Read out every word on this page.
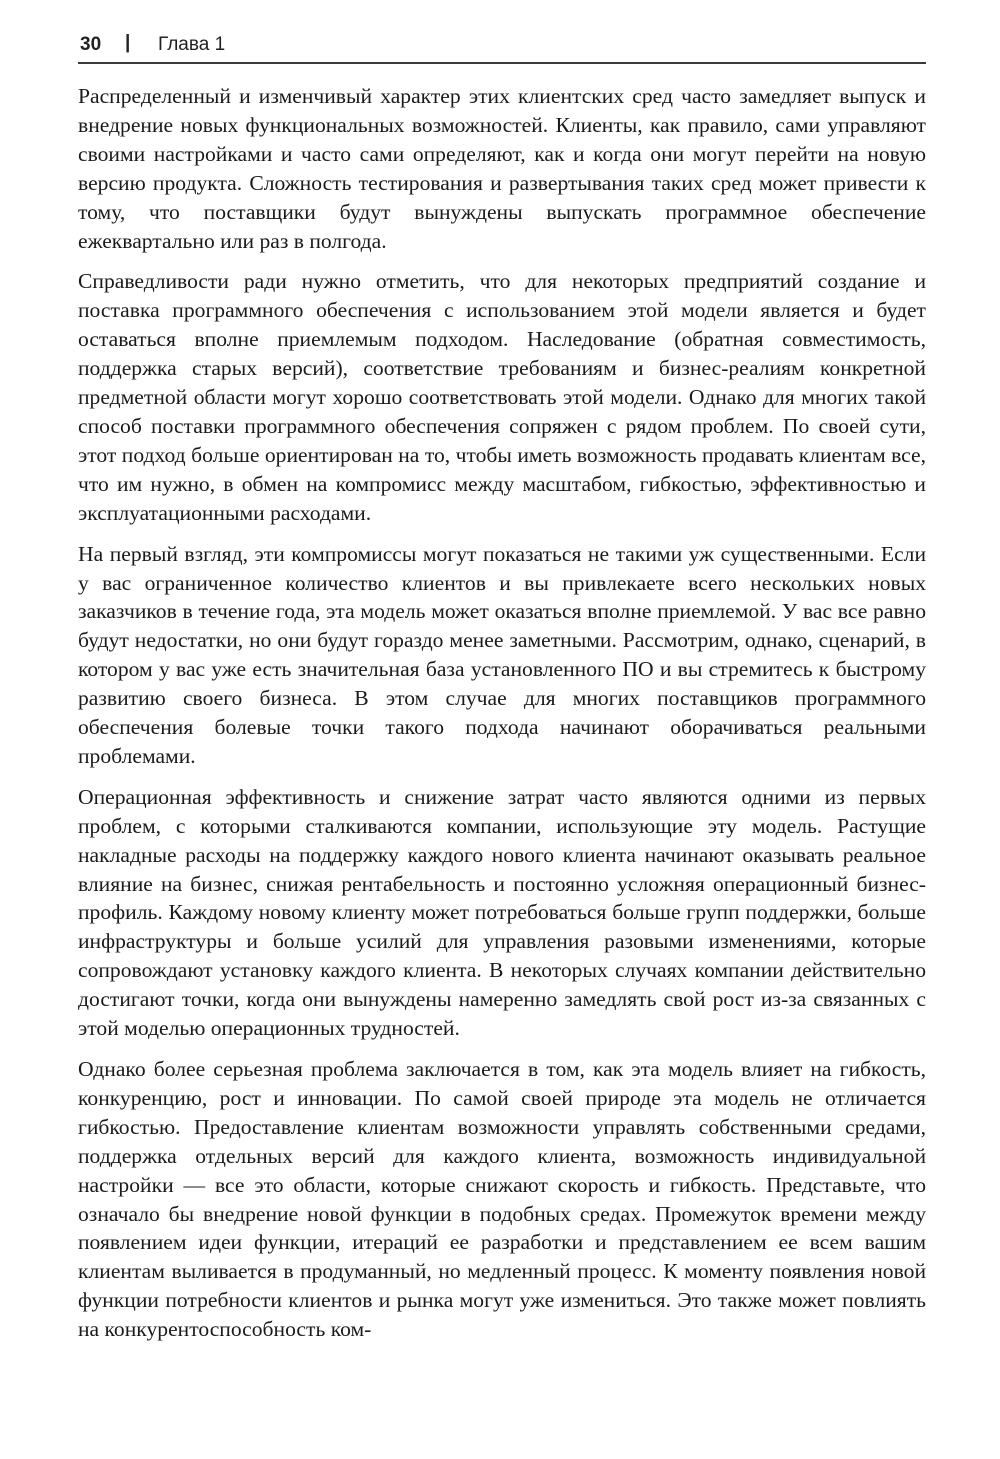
30 | Глава 1

Распределенный и изменчивый характер этих клиентских сред часто замедляет выпуск и внедрение новых функциональных возможностей. Клиенты, как правило, сами управляют своими настройками и часто сами определяют, как и когда они могут перейти на новую версию продукта. Сложность тестирования и развертывания таких сред может привести к тому, что поставщики будут вынуждены выпускать программное обеспечение ежеквартально или раз в полгода.

Справедливости ради нужно отметить, что для некоторых предприятий создание и поставка программного обеспечения с использованием этой модели является и будет оставаться вполне приемлемым подходом. Наследование (обратная совместимость, поддержка старых версий), соответствие требованиям и бизнес-реалиям конкретной предметной области могут хорошо соответствовать этой модели. Однако для многих такой способ поставки программного обеспечения сопряжен с рядом проблем. По своей сути, этот подход больше ориентирован на то, чтобы иметь возможность продавать клиентам все, что им нужно, в обмен на компромисс между масштабом, гибкостью, эффективностью и эксплуатационными расходами.

На первый взгляд, эти компромиссы могут показаться не такими уж существенными. Если у вас ограниченное количество клиентов и вы привлекаете всего нескольких новых заказчиков в течение года, эта модель может оказаться вполне приемлемой. У вас все равно будут недостатки, но они будут гораздо менее заметными. Рассмотрим, однако, сценарий, в котором у вас уже есть значительная база установленного ПО и вы стремитесь к быстрому развитию своего бизнеса. В этом случае для многих поставщиков программного обеспечения болевые точки такого подхода начинают оборачиваться реальными проблемами.

Операционная эффективность и снижение затрат часто являются одними из первых проблем, с которыми сталкиваются компании, использующие эту модель. Растущие накладные расходы на поддержку каждого нового клиента начинают оказывать реальное влияние на бизнес, снижая рентабельность и постоянно усложняя операционный бизнес-профиль. Каждому новому клиенту может потребоваться больше групп поддержки, больше инфраструктуры и больше усилий для управления разовыми изменениями, которые сопровождают установку каждого клиента. В некоторых случаях компании действительно достигают точки, когда они вынуждены намеренно замедлять свой рост из-за связанных с этой моделью операционных трудностей.

Однако более серьезная проблема заключается в том, как эта модель влияет на гибкость, конкуренцию, рост и инновации. По самой своей природе эта модель не отличается гибкостью. Предоставление клиентам возможности управлять собственными средами, поддержка отдельных версий для каждого клиента, возможность индивидуальной настройки — все это области, которые снижают скорость и гибкость. Представьте, что означало бы внедрение новой функции в подобных средах. Промежуток времени между появлением идеи функции, итераций ее разработки и представлением ее всем вашим клиентам выливается в продуманный, но медленный процесс. К моменту появления новой функции потребности клиентов и рынка могут уже измениться. Это также может повлиять на конкурентоспособность ком-
